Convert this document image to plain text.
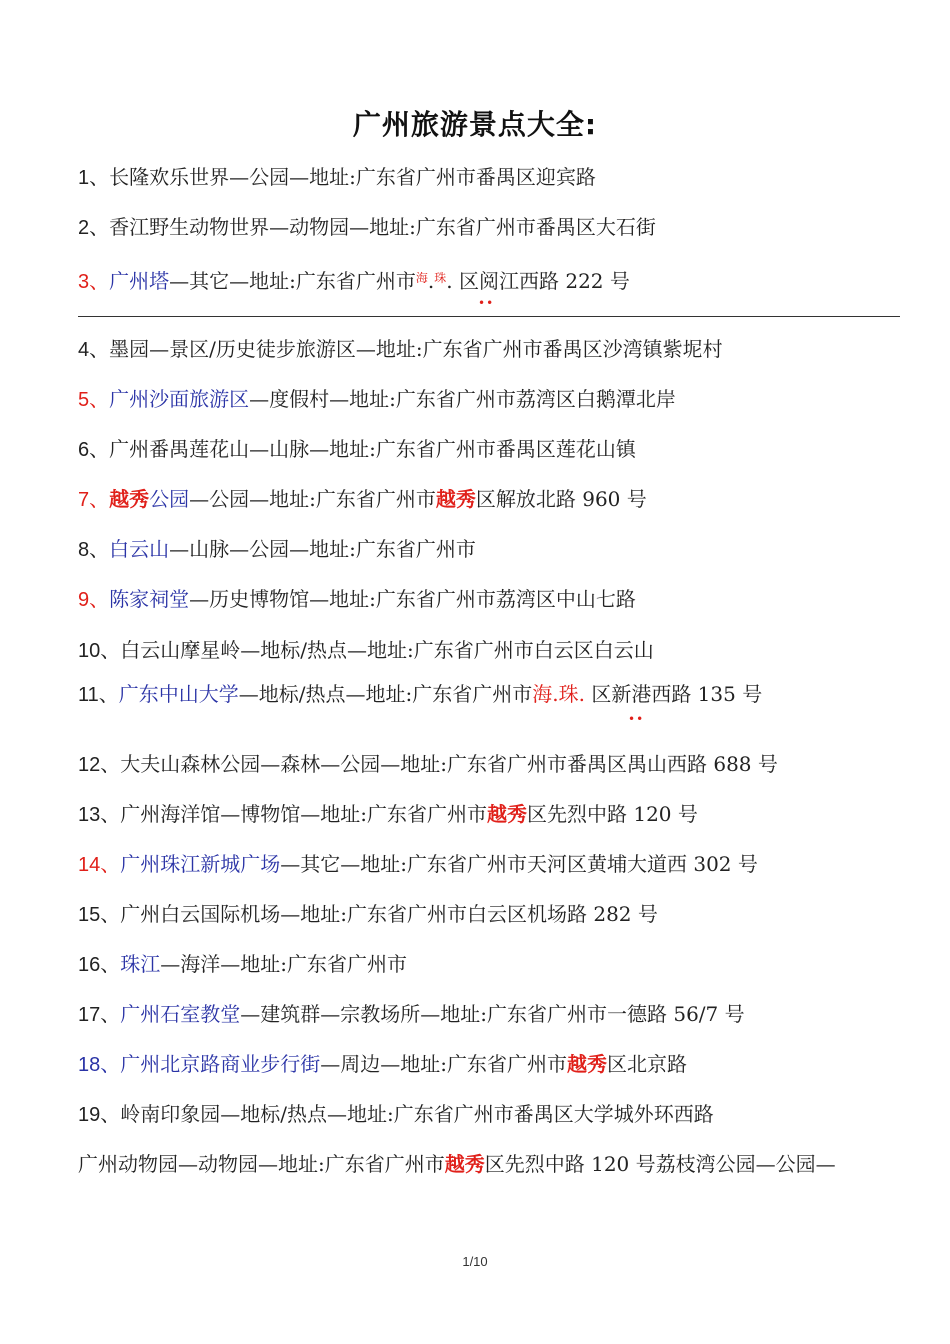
广州旅游景点大全:
1、长隆欢乐世界—公园—地址:广东省广州市番禺区迎宾路
2、香江野生动物世界—动物园—地址:广东省广州市番禺区大石街
3、广州塔—其它—地址:广东省广州市$^海$.$^珠$. 区阅江西路 222 号
••
4、墨园—景区/历史徒步旅游区—地址:广东省广州市番禺区沙湾镇紫坭村
5、广州沙面旅游区—度假村—地址:广东省广州市荔湾区白鹅潭北岸
6、广州番禺莲花山—山脉—地址:广东省广州市番禺区莲花山镇
7、越秀公园—公园—地址:广东省广州市越秀区解放北路 960 号
8、白云山—山脉—公园—地址:广东省广州市
9、陈家祠堂—历史博物馆—地址:广东省广州市荔湾区中山七路
10、白云山摩星岭—地标/热点—地址:广东省广州市白云区白云山
11、广东中山大学—地标/热点—地址:广东省广州市海.珠. 区新港西路 135 号
••
12、大夫山森林公园—森林—公园—地址:广东省广州市番禺区禺山西路 688 号
13、广州海洋馆—博物馆—地址:广东省广州市越秀区先烈中路 120 号
14、广州珠江新城广场—其它—地址:广东省广州市天河区黄埔大道西 302 号
15、广州白云国际机场—地址:广东省广州市白云区机场路 282 号
16、珠江—海洋—地址:广东省广州市
17、广州石室教堂—建筑群—宗教场所—地址:广东省广州市一德路 56/7 号
18、广州北京路商业步行街—周边—地址:广东省广州市越秀区北京路
19、岭南印象园—地标/热点—地址:广东省广州市番禺区大学城外环西路
广州动物园—动物园—地址:广东省广州市越秀区先烈中路 120 号荔枝湾公园—公园—
1/10
